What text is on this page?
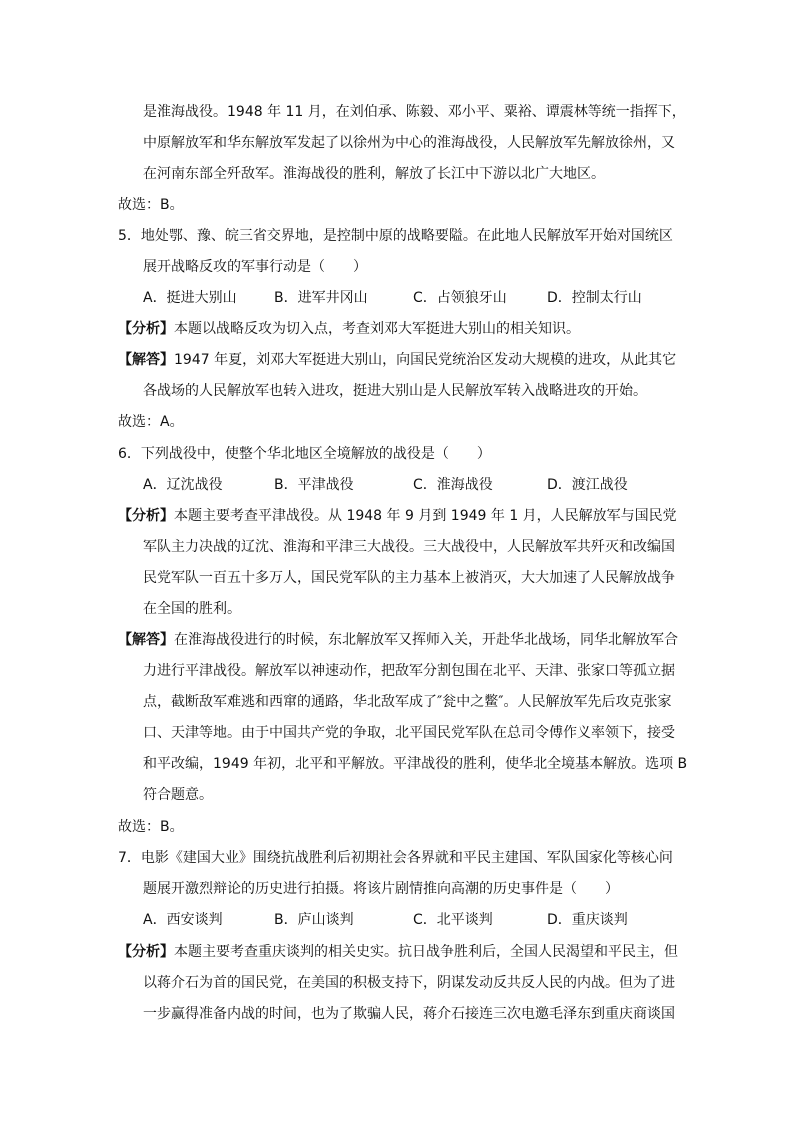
是淮海战役。1948 年 11 月，在刘伯承、陈毅、邓小平、粟裕、谭震林等统一指挥下，
中原解放军和华东解放军发起了以徐州为中心的淮海战役，人民解放军先解放徐州，又
在河南东部全歼敌军。淮海战役的胜利，解放了长江中下游以北广大地区。
故选：B。
5．地处鄂、豫、皖三省交界地，是控制中原的战略要隘。在此地人民解放军开始对国统区
展开战略反攻的军事行动是（　　）
A．挺进大别山	B．进军井冈山	C．占领狼牙山	D．控制太行山
【分析】本题以战略反攻为切入点，考查刘邓大军挺进大别山的相关知识。
【解答】1947 年夏，刘邓大军挺进大别山，向国民党统治区发动大规模的进攻，从此其它
各战场的人民解放军也转入进攻，挺进大别山是人民解放军转入战略进攻的开始。
故选：A。
6．下列战役中，使整个华北地区全境解放的战役是（　　）
A．辽沈战役	B．平津战役	C．淮海战役	D．渡江战役
【分析】本题主要考查平津战役。从 1948 年 9 月到 1949 年 1 月，人民解放军与国民党
军队主力决战的辽沈、淮海和平津三大战役。三大战役中，人民解放军共歼灭和改编国
民党军队一百五十多万人，国民党军队的主力基本上被消灭，大大加速了人民解放战争
在全国的胜利。
【解答】在淮海战役进行的时候，东北解放军又挥师入关，开赴华北战场，同华北解放军合
力进行平津战役。解放军以神速动作，把敌军分割包围在北平、天津、张家口等孤立据
点，截断敌军难逃和西窜的通路，华北敌军成了″瓮中之鳖″。人民解放军先后攻克张家
口、天津等地。由于中国共产党的争取，北平国民党军队在总司令傅作义率领下，接受
和平改编，1949 年初，北平和平解放。平津战役的胜利，使华北全境基本解放。选项 B
符合题意。
故选：B。
7．电影《建国大业》围绕抗战胜利后初期社会各界就和平民主建国、军队国家化等核心问
题展开激烈辩论的历史进行拍摄。将该片剧情推向高潮的历史事件是（　　）
A．西安谈判	B．庐山谈判	C．北平谈判	D．重庆谈判
【分析】本题主要考查重庆谈判的相关史实。抗日战争胜利后，全国人民渴望和平民主，但
以蒋介石为首的国民党，在美国的积极支持下，阴谋发动反共反人民的内战。但为了进
一步赢得准备内战的时间，也为了欺骗人民，蒋介石接连三次电邀毛泽东到重庆商谈国
